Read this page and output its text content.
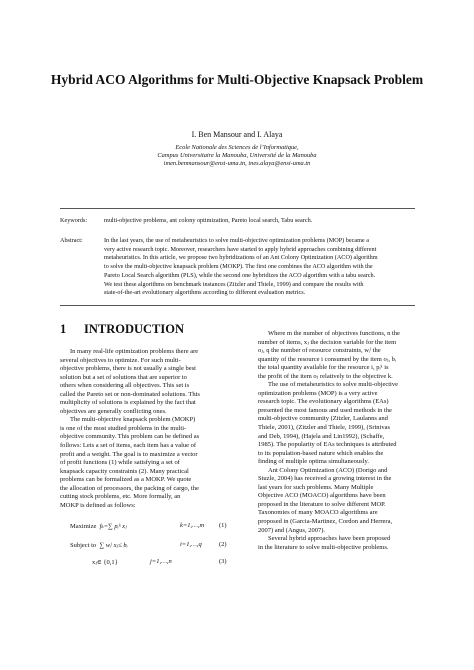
Hybrid ACO Algorithms for Multi-Objective Knapsack Problem
I. Ben Mansour and I. Alaya
Ecole Nationale des Sciences de l’Informatique,
Campus Universitaire la Manouba, Université de la Manouba
imen.benmansour@ensi-uma.tn, ines.alaya@ensi-uma.tn
Keywords:	multi-objective problems, ant colony optimization, Pareto local search, Tabu search.
Abstract:	In the last years, the use of metaheuristics to solve multi-objective optimization problems (MOP) became a
very active research topic. Moreover, researchers have started to apply hybrid approaches combining different
metaheuristics. In this article, we propose two hybridizations of an Ant Colony Optimization (ACO) algorithm
to solve the multi-objective knapsack problem (MOKP). The first one combines the ACO algorithm with the
Pareto Local Search algorithm (PLS), while the second one hybridizes the ACO algorithm with a tabu search.
We test these algorithms on benchmark instances (Zitzler and Thiele, 1999) and compare the results with
state-of-the-art evolutionary algorithms according to different evaluation metrics.
1 INTRODUCTION

In many real-life optimization problems there are

several objectives to optimize. For such multi-

objective problems, there is not usually a single best

solution but a set of solutions that are superior to

others when considering all objectives. This set is

called the Pareto set or non-dominated solutions. This

multiplicity of solutions is explained by the fact that

objectives are generally conflicting ones.

The multi-objective knapsack problem (MOKP)

is one of the most studied problems in the multi-

objective community. This problem can be defined as

follows: Lets a set of items, each item has a value of

profit and a weight. The goal is to maximize a vector

of profit functions (1) while satisfying a set of

knapsack capacity constraints (2). Many practical

problems can be formalized as a MOKP. We quote

the allocation of processors, the packing of cargo, the

cutting stock problems, etc. More formally, an

MOKP is defined as follows:

Maximize fₖ=∑ pᵢᵏ xⱼ	k=1,…,m (1)
Subject to ∑ wᵢˡ xⱼ≤ bᵢ	i=1,…,q	(2)
xⱼ∈ {0,1}	j=1,…,n	(3)

Where m the number of objectives functions, n the

number of items, xⱼ the decision variable for the item

oⱼ, q the number of resource constraints, wᵢˡ the

quantity of the resource i consumed by the item oⱼ, bᵢ

the total quantity available for the resource i, pᵢᵏ is

the profit of the item oⱼ relatively to the objective k.

The use of metaheuristics to solve multi-objective

optimization problems (MOP) is a very active

research topic. The evolutionary algorithms (EAs)

presented the most famous and used methods in the

multi-objective community (Zitzler, Laulanns and

Thiele, 2001), (Zitzler and Thiele, 1999), (Srinivas

and Deb, 1994), (Hajela and Lin1992), (Schaffe,

1985). The popularity of EAs techniques is attributed

to its population-based nature which enables the

finding of multiple optima simultaneously.

Ant Colony Optimization (ACO) (Dorigo and

Stuzle, 2004) has received a growing interest in the

last years for such problems. Many Multiple

Objective ACO (MOACO) algorithms have been

proposed in the literature to solve different MOP.

Taxonomies of many MOACO algorithms are

proposed in (Garcia-Martinez, Cordon and Herrera,

2007) and (Angus, 2007).

Several hybrid approaches have been proposed

in the literature to solve multi-objective problems.
